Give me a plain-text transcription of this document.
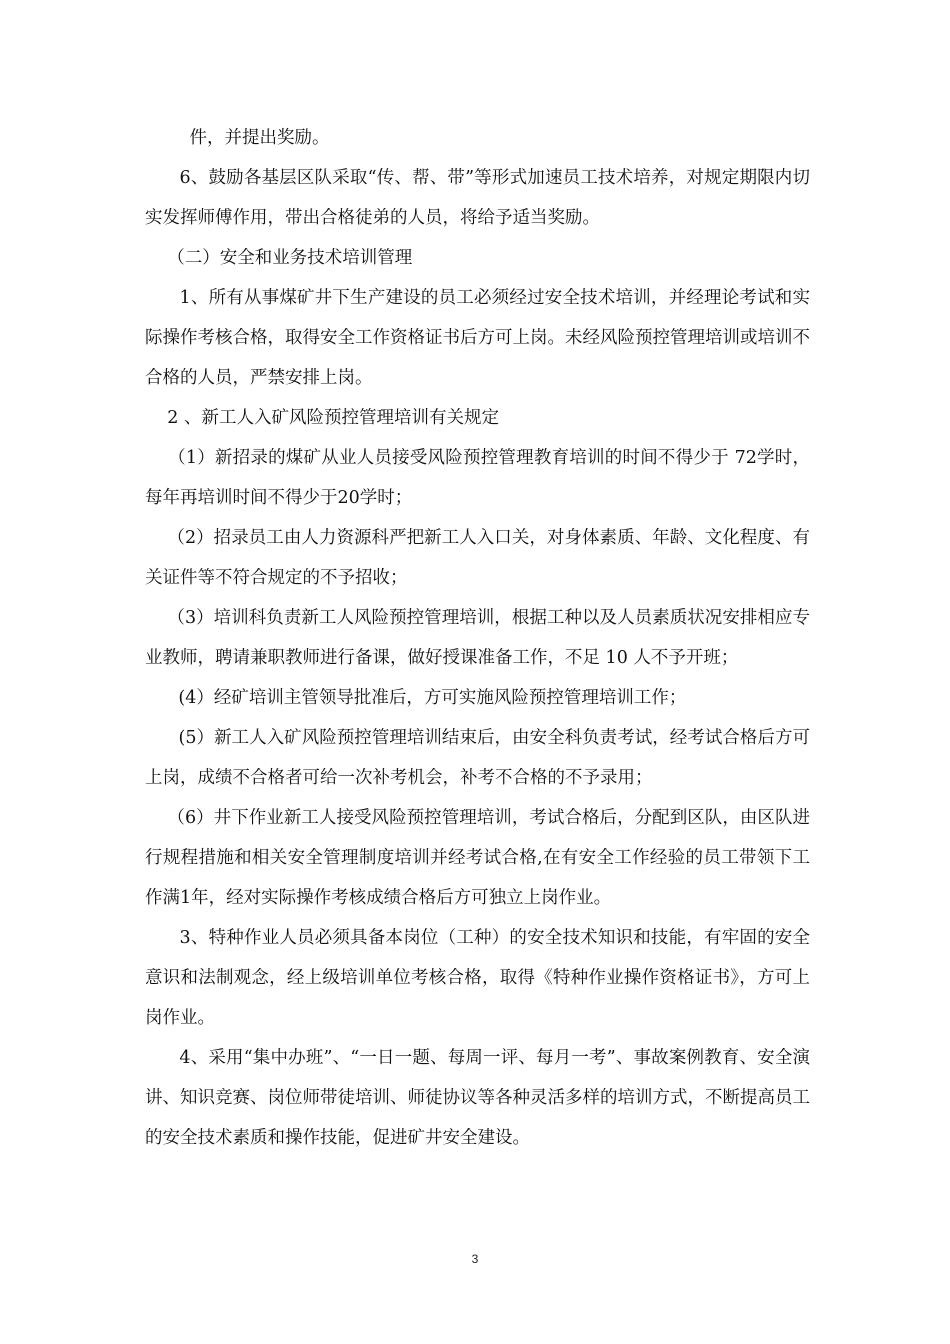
件，并提出奖励。

6、鼓励各基层区队采取“传、帮、带”等形式加速员工技术培养，对规定期限内切实发挥师傅作用，带出合格徒弟的人员，将给予适当奖励。

（二）安全和业务技术培训管理

1、所有从事煤矿井下生产建设的员工必须经过安全技术培训，并经理论考试和实际操作考核合格，取得安全工作资格证书后方可上岗。未经风险预控管理培训或培训不合格的人员，严禁安排上岗。

2 、新工人入矿风险预控管理培训有关规定

（1）新招录的煤矿从业人员接受风险预控管理教育培训的时间不得少于 72学时，每年再培训时间不得少于20学时；

（2）招录员工由人力资源科严把新工人入口关，对身体素质、年龄、文化程度、有关证件等不符合规定的不予招收；

（3）培训科负责新工人风险预控管理培训，根据工种以及人员素质状况安排相应专业教师，聘请兼职教师进行备课，做好授课准备工作，不足 10 人不予开班；

(4）经矿培训主管领导批准后，方可实施风险预控管理培训工作；

(5）新工人入矿风险预控管理培训结束后，由安全科负责考试，经考试合格后方可上岗，成绩不合格者可给一次补考机会，补考不合格的不予录用；

（6）井下作业新工人接受风险预控管理培训，考试合格后，分配到区队，由区队进行规程措施和相关安全管理制度培训并经考试合格,在有安全工作经验的员工带领下工作满1年，经对实际操作考核成绩合格后方可独立上岗作业。

3、特种作业人员必须具备本岗位（工种）的安全技术知识和技能，有牢固的安全意识和法制观念，经上级培训单位考核合格，取得《特种作业操作资格证书》，方可上岗作业。

4、采用“集中办班”、“一日一题、每周一评、每月一考”、事故案例教育、安全演讲、知识竞赛、岗位师带徒培训、师徒协议等各种灵活多样的培训方式，不断提高员工的安全技术素质和操作技能，促进矿井安全建设。

3
